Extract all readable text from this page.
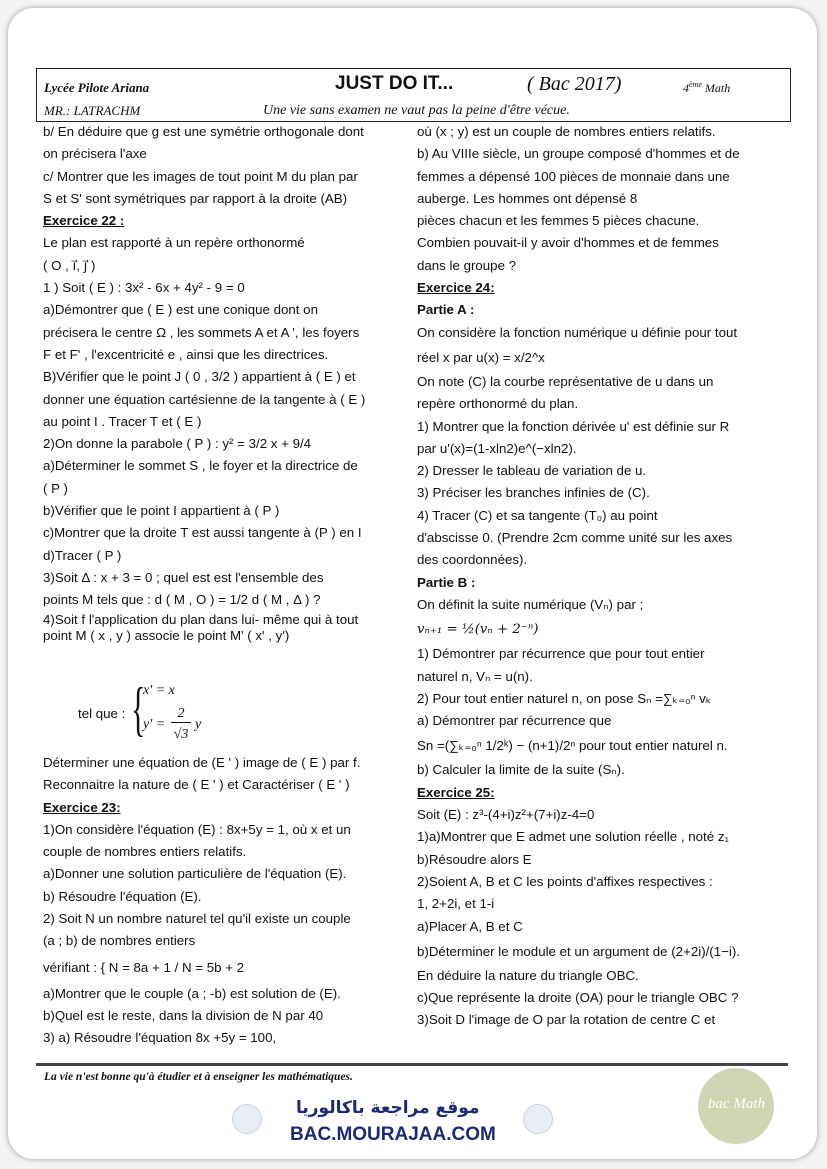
Lycée Pilote Ariana
MR.: LATRACHM
JUST DO IT...	( Bac 2017)	4ème Math
Une vie sans examen ne vaut pas la peine d'être vécue.
b/ En déduire que g est une symétrie orthogonale dont
on précisera l'axe
c/ Montrer que les images de tout point M du plan par
S et S' sont symétriques par rapport à la droite (AB)
Exercice 22 :
Le plan est rapporté à un repère orthonormé
( O , i⃗, j⃗ )
1 ) Soit ( E ) : 3x² - 6x + 4y² - 9 = 0
a)Démontrer que ( E ) est une conique dont on
précisera le centre Ω , les sommets A et A ', les foyers
F et F' , l'excentricité e , ainsi que les directrices.
B)Vérifier que le point J ( 0 , 3/2 ) appartient à ( E ) et
donner une équation cartésienne de la tangente à ( E )
au point I . Tracer T et ( E )
2)On donne la parabole ( P ) : y² = 3/2 x + 9/4
a)Déterminer le sommet S , le foyer et la directrice de
( P )
b)Vérifier que le point I appartient à ( P )
c)Montrer que la droite T est aussi tangente à (P ) en I
d)Tracer ( P )
3)Soit Δ : x + 3 = 0 ; quel est est l'ensemble des
points M tels que : d ( M , O ) = 1/2 d ( M , Δ ) ?
4)Soit f l'application du plan dans lui- même qui à tout
point M ( x , y ) associe le point M' ( x' , y')
tel que : {
x' = x
y' =
2
√3
y
Déterminer une équation de (E ' ) image de ( E ) par f.
Reconnaitre la nature de ( E ' ) et Caractériser ( E ' )
Exercice 23:
1)On considère l'équation (E) : 8x+5y = 1, où x et un
couple de nombres entiers relatifs.
a)Donner une solution particulière de l'équation (E).
b) Résoudre l'équation (E).
2) Soit N un nombre naturel tel qu'il existe un couple
(a ; b) de nombres entiers
vérifiant : { N = 8a + 1 / N = 5b + 2
a)Montrer que le couple (a ; -b) est solution de (E).
b)Quel est le reste, dans la division de N par 40
3) a) Résoudre l'équation 8x +5y = 100,
où (x ; y) est un couple de nombres entiers relatifs.
b) Au VIIIe siècle, un groupe composé d'hommes et de
femmes a dépensé 100 pièces de monnaie dans une
auberge. Les hommes ont dépensé 8
pièces chacun et les femmes 5 pièces chacune.
Combien pouvait-il y avoir d'hommes et de femmes
dans le groupe ?
Exercice 24:
Partie A :
On considère la fonction numérique u définie pour tout
réel x par u(x) = x/2^x
On note (C) la courbe représentative de u dans un
repère orthonormé du plan.
1) Montrer que la fonction dérivée u' est définie sur R
par u'(x)=(1-xln2)e^(−xln2).
2) Dresser le tableau de variation de u.
3) Préciser les branches infinies de (C).
4) Tracer (C) et sa tangente (T₀) au point
d'abscisse 0. (Prendre 2cm comme unité sur les axes
des coordonnées).
Partie B :
On définit la suite numérique (Vₙ) par ;
vₙ₊₁ = ½(vₙ + 2⁻ⁿ)
1) Démontrer par récurrence que pour tout entier
naturel n, Vₙ = u(n).
2) Pour tout entier naturel n, on pose Sₙ =∑ₖ₌₀ⁿ vₖ
a) Démontrer par récurrence que
Sn =(∑ₖ₌₀ⁿ 1/2ᵏ) − (n+1)/2ⁿ pour tout entier naturel n.
b) Calculer la limite de la suite (Sₙ).
Exercice 25:
Soit (E) : z³-(4+i)z²+(7+i)z-4=0
1)a)Montrer que E admet une solution réelle , noté z₁
b)Résoudre alors E
2)Soient A, B et C les points d'affixes respectives :
1, 2+2i, et 1-i
a)Placer A, B et C
b)Déterminer le module et un argument de (2+2i)/(1−i).
En déduire la nature du triangle OBC.
c)Que représente la droite (OA) pour le triangle OBC ?
3)Soit D l'image de O par la rotation de centre C et
La vie n'est bonne qu'à étudier et à enseigner les mathématiques.
موقع مراجعة باكالوريا
BAC.MOURAJAA.COM
bac Math
